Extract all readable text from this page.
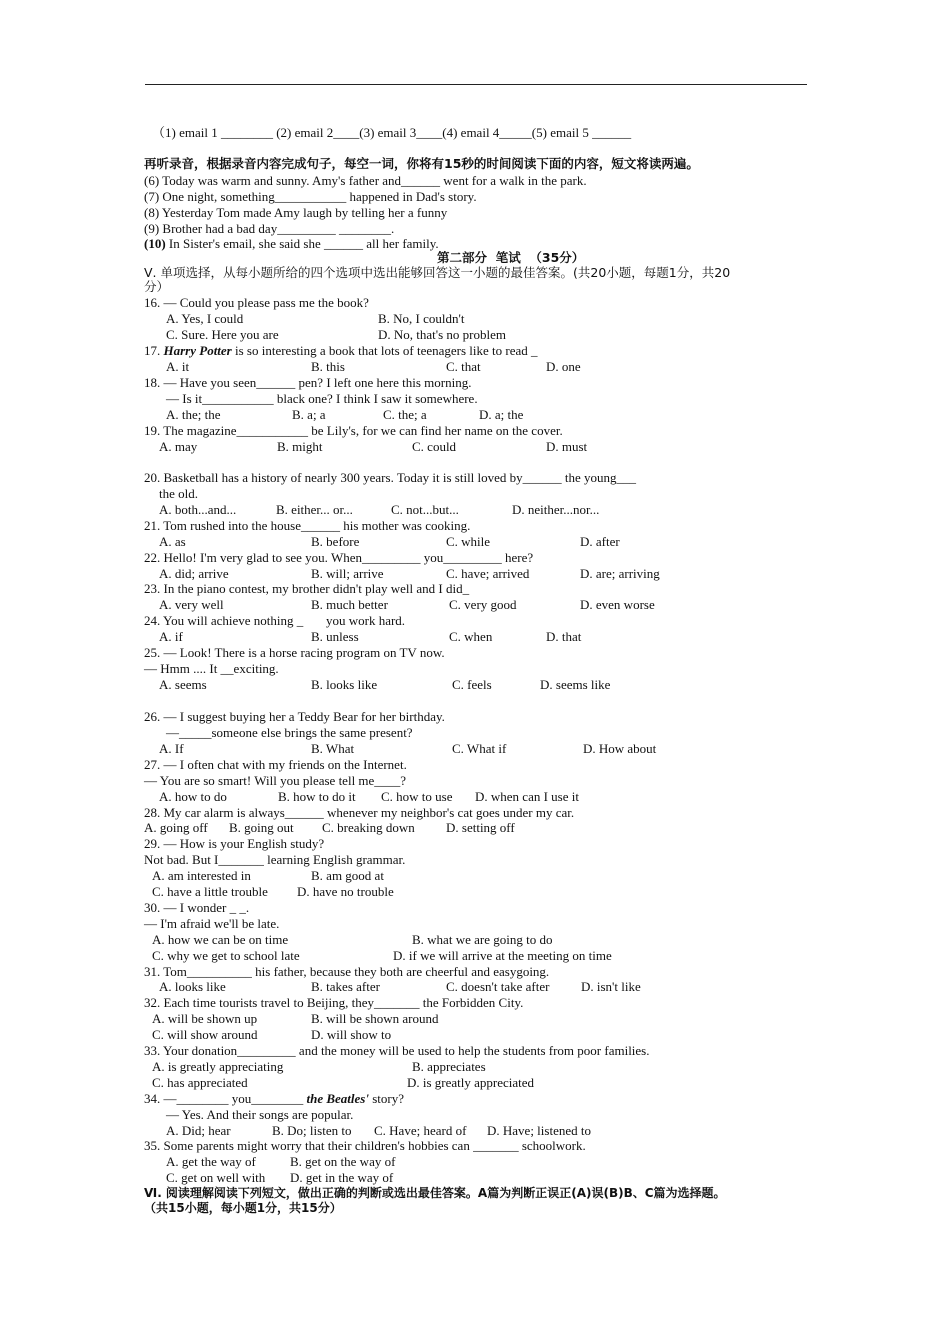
（1) email 1 ________ (2) email 2____(3) email 3____(4) email 4_____(5) email 5 ______
再听录音，根据录音内容完成句子，每空一词，你将有15秒的时间阅读下面的内容，短文将读两遍。
(6) Today was warm and sunny. Amy's father and______ went for a walk in the park.
(7) One night, something___________ happened in Dad's story.
(8) Yesterday Tom made Amy laugh by telling her a funny
(9) Brother had a bad day_________ ________.
(10) In Sister's email, she said she ______ all her family.
第二部分  笔试  （35分）
Ⅴ. 单项选择，从每小题所给的四个选项中选出能够回答这一小题的最佳答案。(共20小题，每题1分，共20
分）
16. — Could you please pass me the book?
A. Yes, I could	B. No, I couldn't
C. Sure. Here you are	D. No, that's no problem
17. Harry Potter is so interesting a book that lots of teenagers like to read _
A. it	B. this	C. that	D. one
18. — Have you seen______ pen? I left one here this morning.
— Is it___________ black one? I think I saw it somewhere.
A. the; the	B. a; a	C. the; a	D. a; the
19. The magazine___________ be Lily's, for we can find her name on the cover.
A. may	B. might	C. could	D. must
20. Basketball has a history of nearly 300 years. Today it is still loved by______ the young___
the old.
A. both...and...	B. either... or...	C. not...but...	D. neither...nor...
21. Tom rushed into the house______ his mother was cooking.
A. as	B. before	C. while	D. after
22. Hello! I'm very glad to see you. When_________ you_________ here?
A. did; arrive	B. will; arrive	C. have; arrived	D. are; arriving
23. In the piano contest, my brother didn't play well and I did_
A. very well	B. much better	C. very good	D. even worse
24. You will achieve nothing _       you work hard.
A. if	B. unless	C. when	D. that
25. — Look! There is a horse racing program on TV now.
— Hmm .... It __exciting.
A. seems	B. looks like	C. feels	D. seems like
26. — I suggest buying her a Teddy Bear for her birthday.
—_____someone else brings the same present?
A. If	B. What	C. What if	D. How about
27. — I often chat with my friends on the Internet.
— You are so smart! Will you please tell me____?
A. how to do	B. how to do it C. how to use D. when can I use it
28. My car alarm is always______ whenever my neighbor's cat goes under my car.
A. going off B. going out C. breaking down D. setting off
29. — How is your English study?
Not bad. But I_______ learning English grammar.
A. am interested in	B. am good at
C. have a little trouble D. have no trouble
30. — I wonder _ _.
— I'm afraid we'll be late.
A. how we can be on time	B. what we are going to do
C. why we get to school late	D. if we will arrive at the meeting on time
31. Tom__________ his father, because they both are cheerful and easygoing.
A. looks like	B. takes after	C. doesn't take after D. isn't like
32. Each time tourists travel to Beijing, they_______ the Forbidden City.
A. will be shown up	B. will be shown around
C. will show around	D. will show to
33. Your donation_________ and the money will be used to help the students from poor families.
A. is greatly appreciating	B. appreciates
C. has appreciated	D. is greatly appreciated
34. —________ you________ the Beatles' story?
— Yes. And their songs are popular.
A. Did; hear	B. Do; listen to C. Have; heard of D. Have; listened to
35. Some parents might worry that their children's hobbies can _______ schoolwork.
A. get the way of	B. get on the way of
C. get on well with D. get in the way of
Ⅵ. 阅读理解阅读下列短文，做出正确的判断或选出最佳答案。A篇为判断正误正(A)误(B)B、C篇为选择题。
（共15小题，每小题1分，共15分）
